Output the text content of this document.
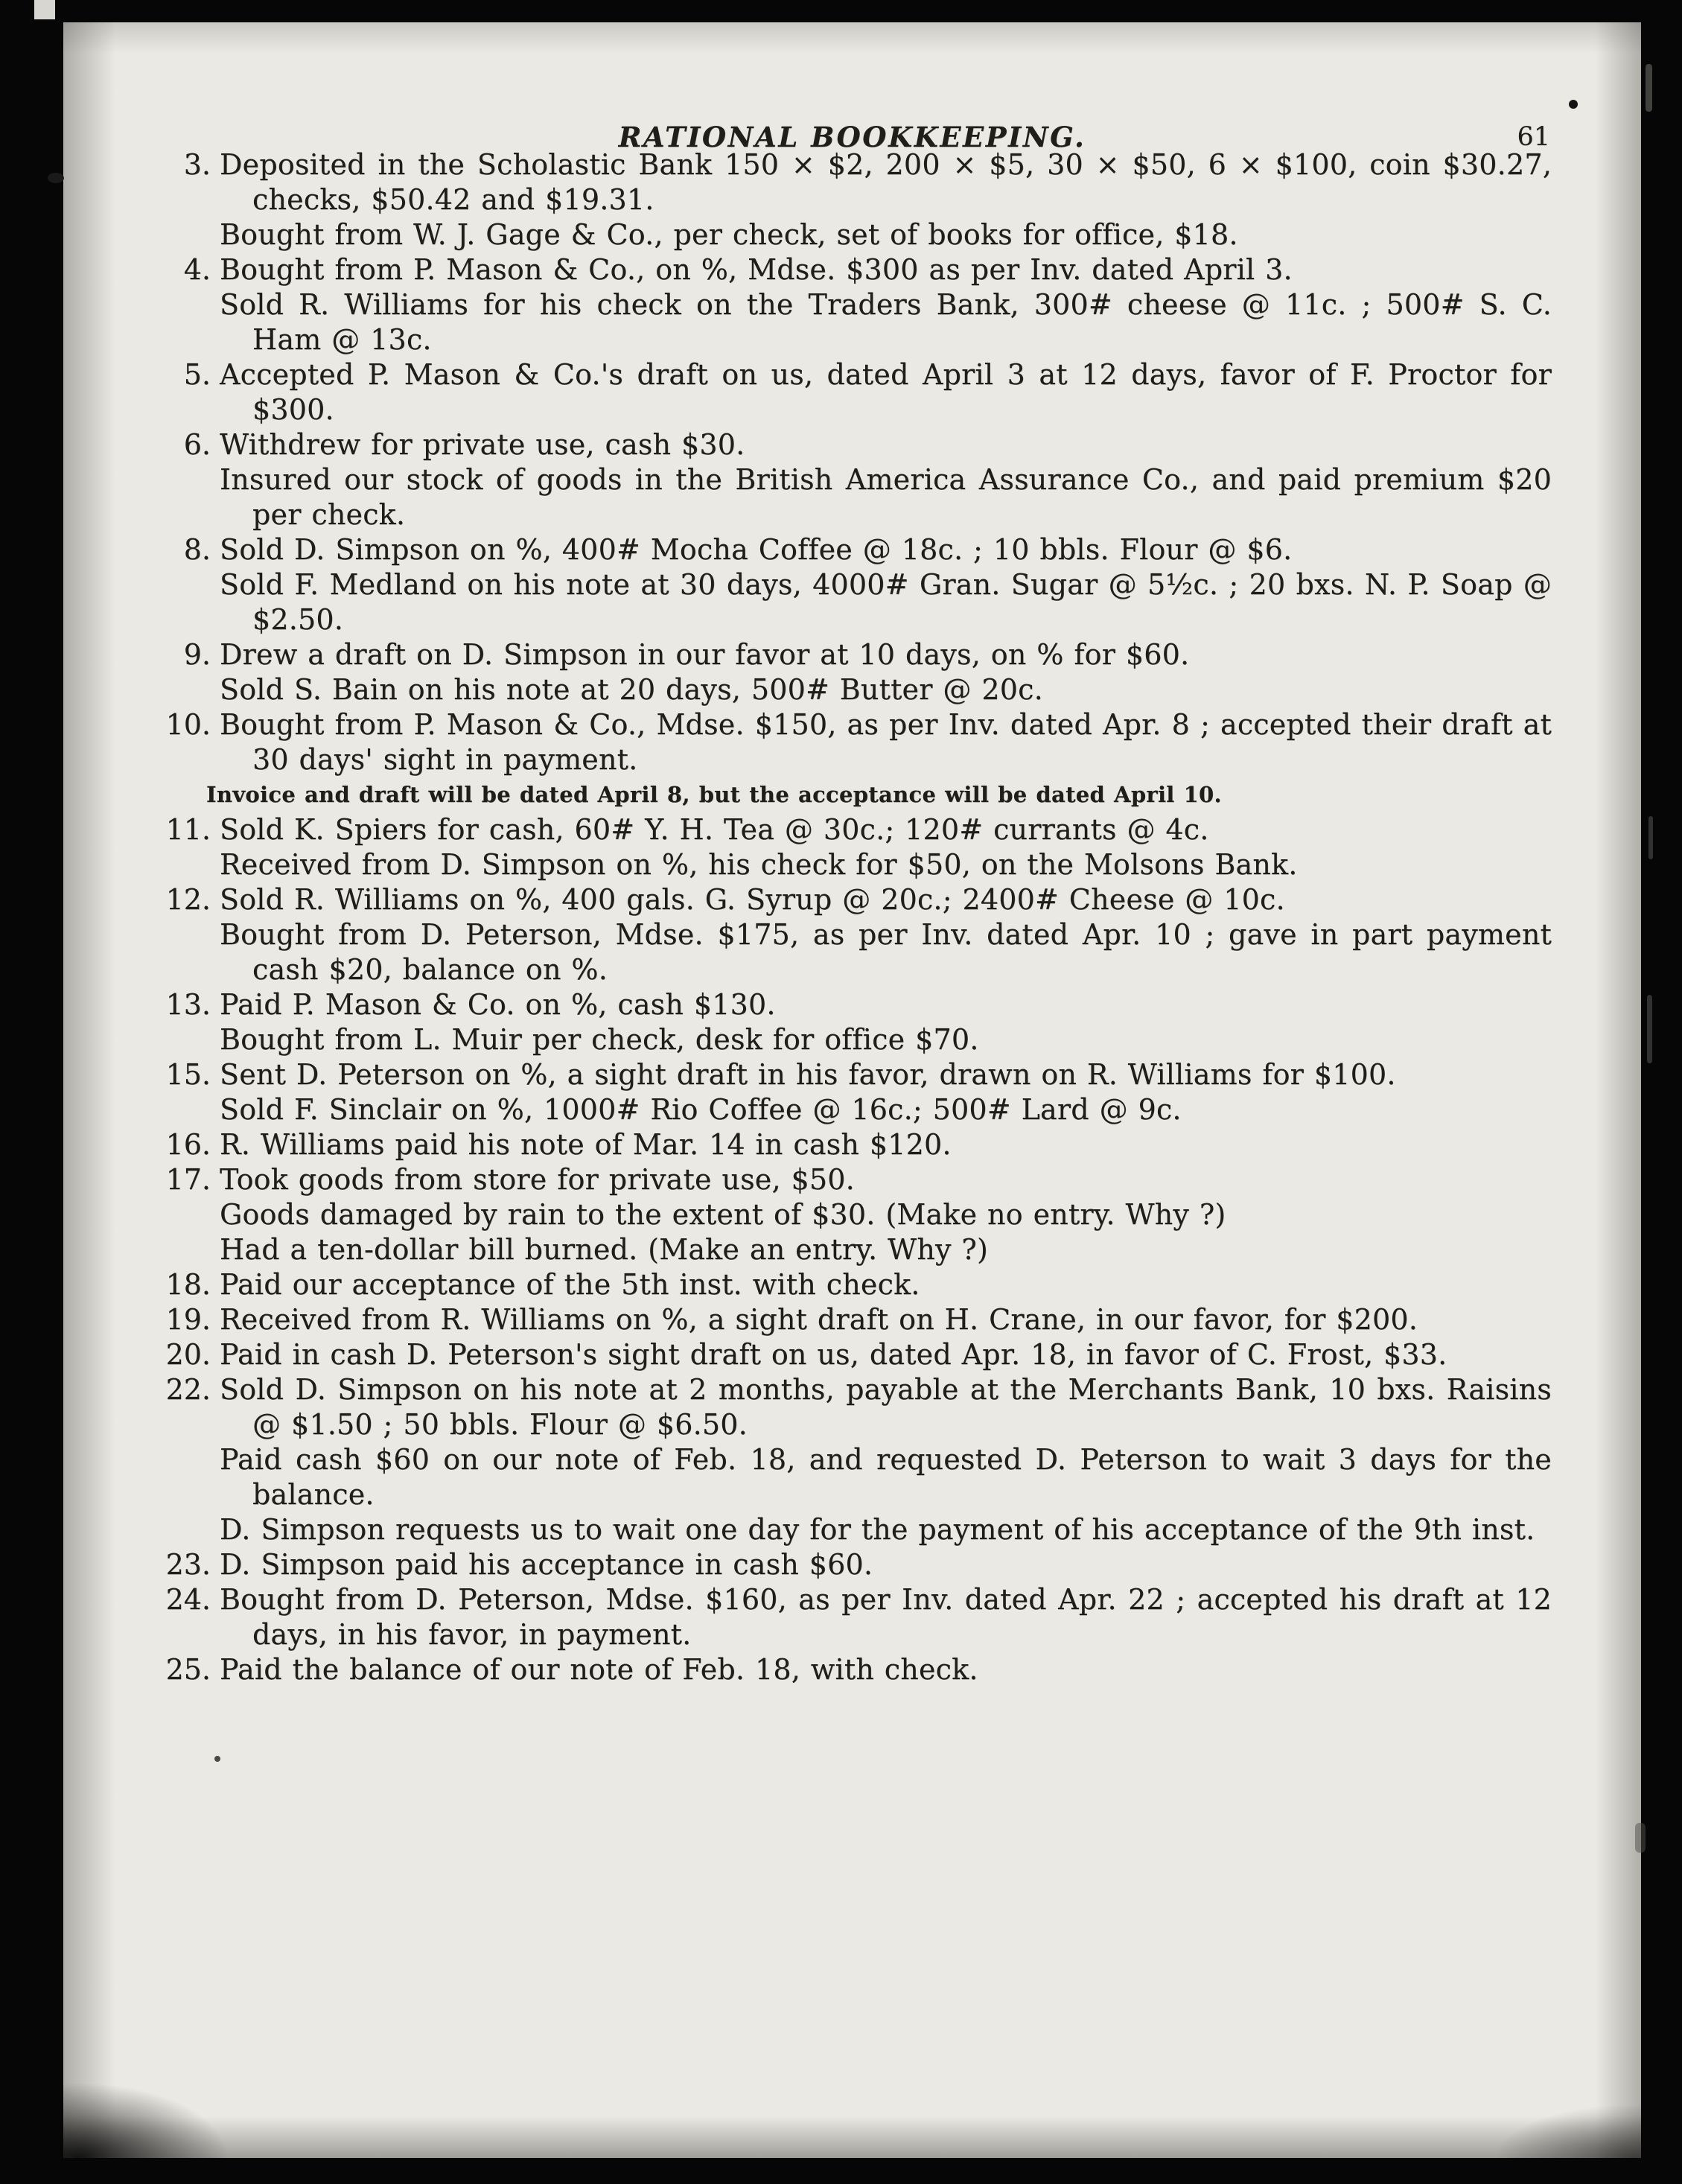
RATIONAL BOOKKEEPING.	61
3. Deposited in the Scholastic Bank 150 × $2, 200 × $5, 30 × $50, 6 × $100, coin $30.27, checks, $50.42 and $19.31.
Bought from W. J. Gage & Co., per check, set of books for office, $18.
4. Bought from P. Mason & Co., on %, Mdse. $300 as per Inv. dated April 3.
Sold R. Williams for his check on the Traders Bank, 300# cheese @ 11c. ; 500# S. C. Ham @ 13c.
5. Accepted P. Mason & Co.'s draft on us, dated April 3 at 12 days, favor of F. Proctor for $300.
6. Withdrew for private use, cash $30.
Insured our stock of goods in the British America Assurance Co., and paid premium $20 per check.
8. Sold D. Simpson on %, 400# Mocha Coffee @ 18c. ; 10 bbls. Flour @ $6.
Sold F. Medland on his note at 30 days, 4000# Gran. Sugar @ 5½c. ; 20 bxs. N. P. Soap @ $2.50.
9. Drew a draft on D. Simpson in our favor at 10 days, on % for $60.
Sold S. Bain on his note at 20 days, 500# Butter @ 20c.
10. Bought from P. Mason & Co., Mdse. $150, as per Inv. dated Apr. 8 ; accepted their draft at 30 days' sight in payment.
Invoice and draft will be dated April 8, but the acceptance will be dated April 10.
11. Sold K. Spiers for cash, 60# Y. H. Tea @ 30c.; 120# currants @ 4c.
Received from D. Simpson on %, his check for $50, on the Molsons Bank.
12. Sold R. Williams on %, 400 gals. G. Syrup @ 20c.; 2400# Cheese @ 10c.
Bought from D. Peterson, Mdse. $175, as per Inv. dated Apr. 10 ; gave in part payment cash $20, balance on %.
13. Paid P. Mason & Co. on %, cash $130.
Bought from L. Muir per check, desk for office $70.
15. Sent D. Peterson on %, a sight draft in his favor, drawn on R. Williams for $100.
Sold F. Sinclair on %, 1000# Rio Coffee @ 16c.; 500# Lard @ 9c.
16. R. Williams paid his note of Mar. 14 in cash $120.
17. Took goods from store for private use, $50.
Goods damaged by rain to the extent of $30. (Make no entry. Why ?)
Had a ten-dollar bill burned. (Make an entry. Why ?)
18. Paid our acceptance of the 5th inst. with check.
19. Received from R. Williams on %, a sight draft on H. Crane, in our favor, for $200.
20. Paid in cash D. Peterson's sight draft on us, dated Apr. 18, in favor of C. Frost, $33.
22. Sold D. Simpson on his note at 2 months, payable at the Merchants Bank, 10 bxs. Raisins @ $1.50 ; 50 bbls. Flour @ $6.50.
Paid cash $60 on our note of Feb. 18, and requested D. Peterson to wait 3 days for the balance.
D. Simpson requests us to wait one day for the payment of his acceptance of the 9th inst.
23. D. Simpson paid his acceptance in cash $60.
24. Bought from D. Peterson, Mdse. $160, as per Inv. dated Apr. 22 ; accepted his draft at 12 days, in his favor, in payment.
25. Paid the balance of our note of Feb. 18, with check.
